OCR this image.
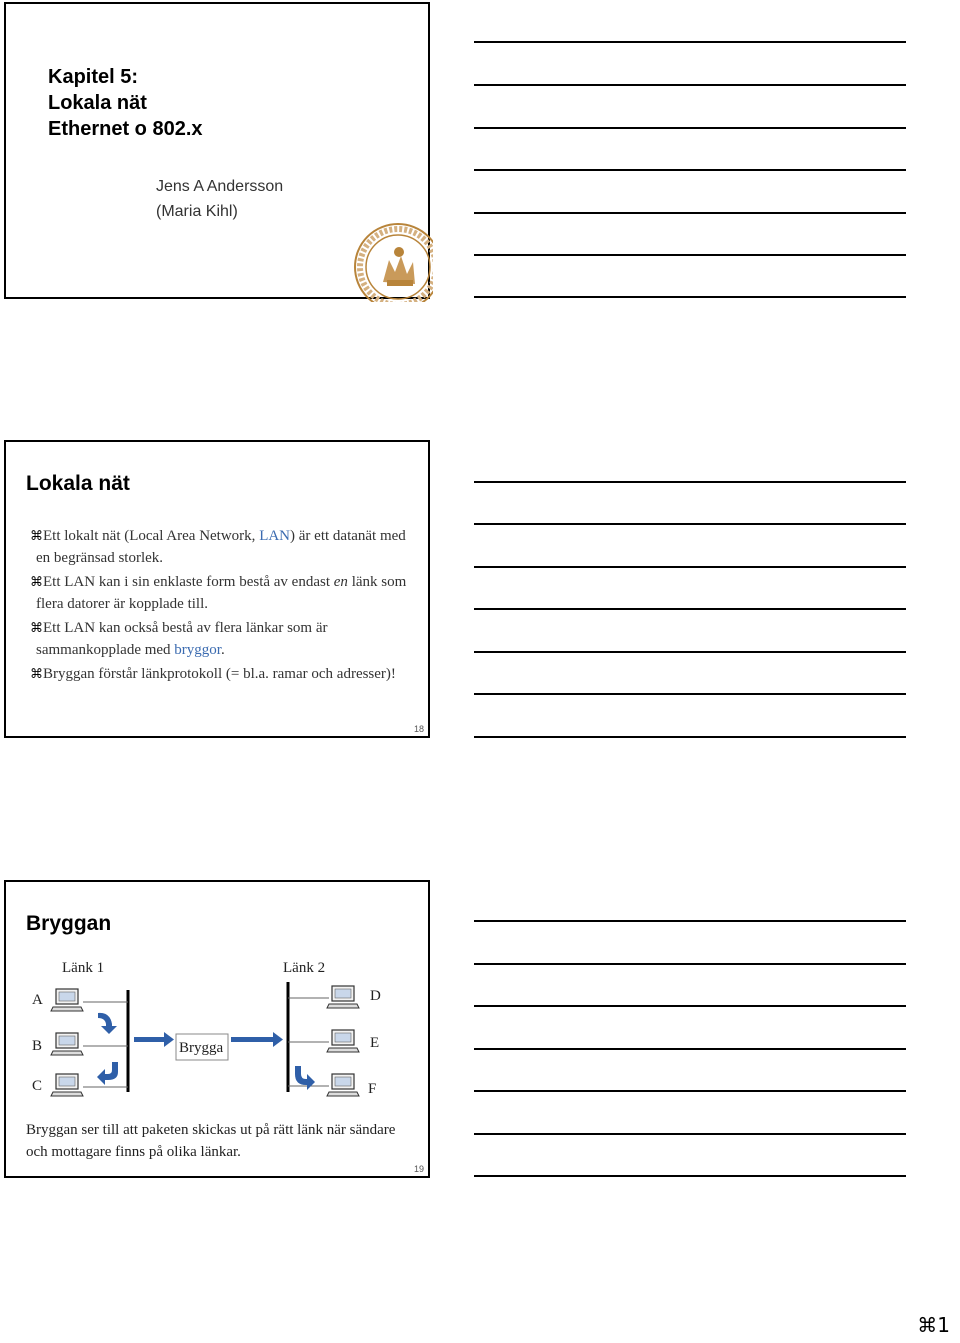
Kapitel 5:
Lokala nät
Ethernet o 802.x
Jens A Andersson
(Maria Kihl)
Lokala nät
⌘Ett lokalt nät (Local Area Network, LAN) är ett datanät med en begränsad storlek.
⌘Ett LAN kan i sin enklaste form bestå av endast en länk som flera datorer är kopplade till.
⌘Ett LAN kan också bestå av flera länkar som är sammankopplade med bryggor.
⌘Bryggan förstår länkprotokoll (= bl.a. ramar och adresser)!
18
Bryggan
Länk 1	Länk 2
A
B
C
D
E
F
Brygga
Bryggan ser till att paketen skickas ut på rätt länk när sändare och mottagare finns på olika länkar.
19
⌘1
